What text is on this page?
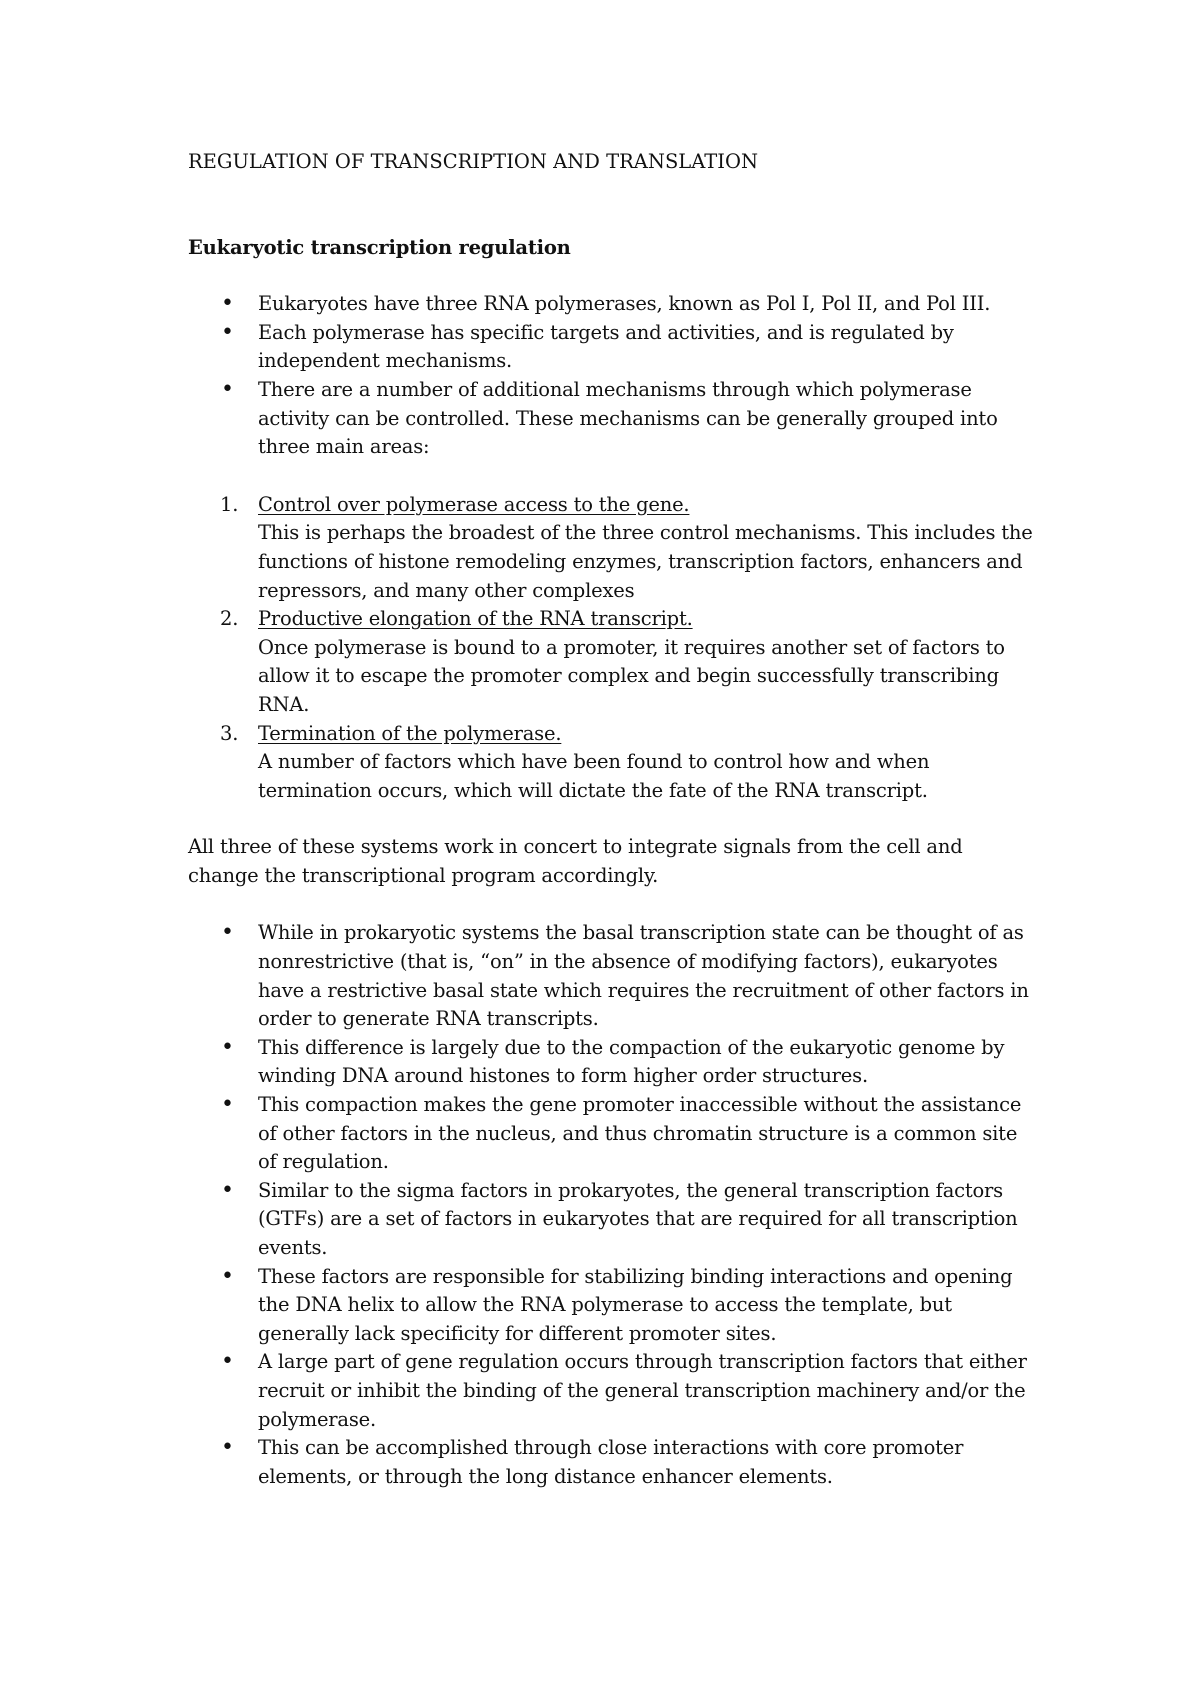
REGULATION OF TRANSCRIPTION AND TRANSLATION
Eukaryotic transcription regulation
• Eukaryotes have three RNA polymerases, known as Pol I, Pol II, and Pol III.
• Each polymerase has specific targets and activities, and is regulated by independent mechanisms.
• There are a number of additional mechanisms through which polymerase activity can be controlled. These mechanisms can be generally grouped into three main areas:
1. Control over polymerase access to the gene.
This is perhaps the broadest of the three control mechanisms. This includes the functions of histone remodeling enzymes, transcription factors, enhancers and repressors, and many other complexes
2. Productive elongation of the RNA transcript.
Once polymerase is bound to a promoter, it requires another set of factors to allow it to escape the promoter complex and begin successfully transcribing RNA.
3. Termination of the polymerase.
A number of factors which have been found to control how and when termination occurs, which will dictate the fate of the RNA transcript.

All three of these systems work in concert to integrate signals from the cell and change the transcriptional program accordingly.

• While in prokaryotic systems the basal transcription state can be thought of as nonrestrictive (that is, “on” in the absence of modifying factors), eukaryotes have a restrictive basal state which requires the recruitment of other factors in order to generate RNA transcripts.
• This difference is largely due to the compaction of the eukaryotic genome by winding DNA around histones to form higher order structures.
• This compaction makes the gene promoter inaccessible without the assistance of other factors in the nucleus, and thus chromatin structure is a common site of regulation.
• Similar to the sigma factors in prokaryotes, the general transcription factors (GTFs) are a set of factors in eukaryotes that are required for all transcription events.
• These factors are responsible for stabilizing binding interactions and opening the DNA helix to allow the RNA polymerase to access the template, but generally lack specificity for different promoter sites.
• A large part of gene regulation occurs through transcription factors that either recruit or inhibit the binding of the general transcription machinery and/or the polymerase.
• This can be accomplished through close interactions with core promoter elements, or through the long distance enhancer elements.
